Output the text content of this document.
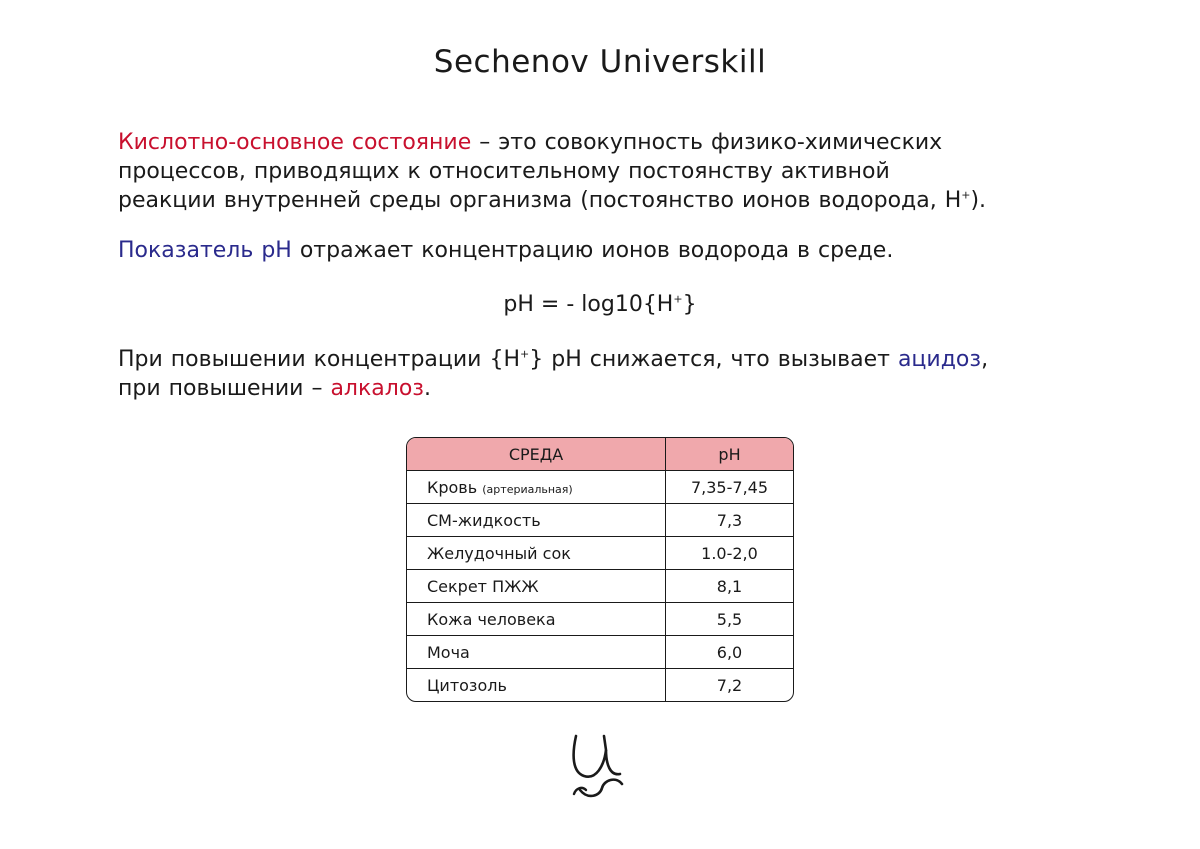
Sechenov Universkill
Кислотно-основное состояние – это совокупность физико-химических
процессов, приводящих к относительному постоянству активной
реакции внутренней среды организма (постоянство ионов водорода, H+).
Показатель рН отражает концентрацию ионов водорода в среде.
рН = - log10{H+}
При повышении концентрации {H+} рН снижается, что вызывает ацидоз,
при повышении – алкалоз.
СРЕДА	рН
Кровь (артериальная)	7,35-7,45
СМ-жидкость	7,3
Желудочный сок	1.0-2,0
Секрет ПЖЖ	8,1
Кожа человека	5,5
Моча	6,0
Цитозоль	7,2
